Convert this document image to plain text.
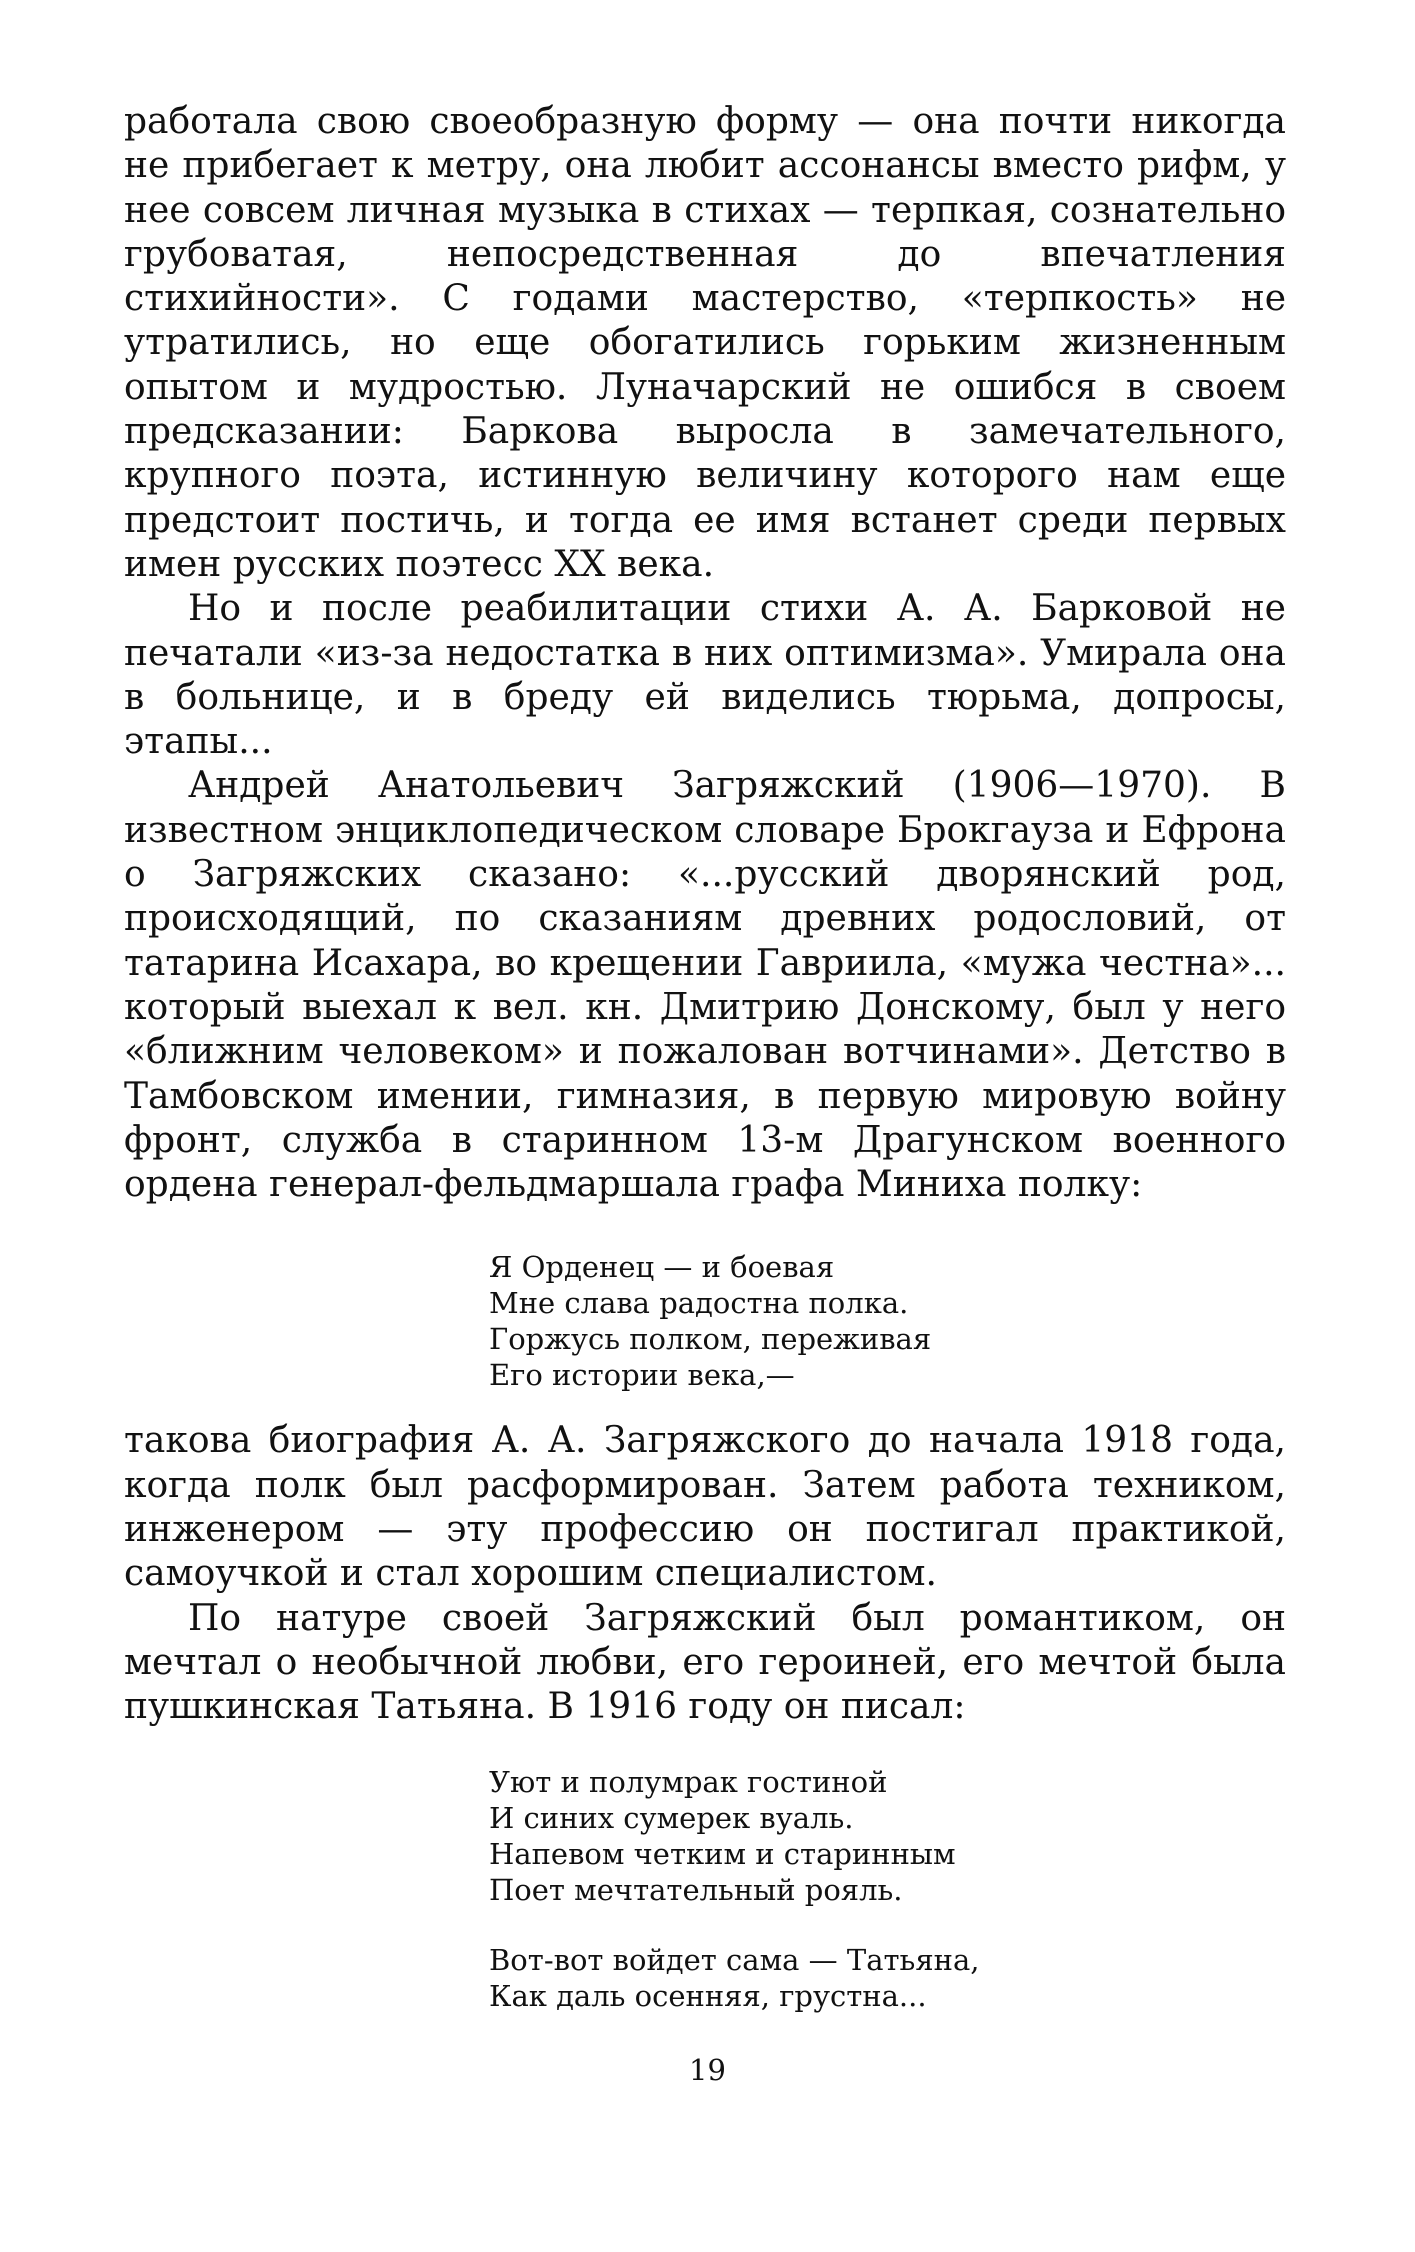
работала свою своеобразную форму — она почти никогда не прибегает к метру, она любит ассонансы вместо рифм, у нее совсем личная музыка в стихах — терпкая, сознательно грубоватая, непосредственная до впечатления стихийности». С годами мастерство, «терпкость» не утратились, но еще обогатились горьким жизненным опытом и мудростью. Луначарский не ошибся в своем предсказании: Баркова выросла в замечательного, крупного поэта, истинную величину которого нам еще предстоит постичь, и тогда ее имя встанет среди первых имен русских поэтесс XX века.

Но и после реабилитации стихи А. А. Барковой не печатали «из-за недостатка в них оптимизма». Умирала она в больнице, и в бреду ей виделись тюрьма, допросы, этапы...

Андрей Анатольевич Загряжский (1906—1970). В известном энциклопедическом словаре Брокгауза и Ефрона о Загряжских сказано: «...русский дворянский род, происходящий, по сказаниям древних родословий, от татарина Исахара, во крещении Гавриила, «мужа честна»... который выехал к вел. кн. Дмитрию Донскому, был у него «ближним человеком» и пожалован вотчинами». Детство в Тамбовском имении, гимназия, в первую мировую войну фронт, служба в старинном 13-м Драгунском военного ордена генерал-фельдмаршала графа Миниха полку:

Я Орденец — и боевая
Мне слава радостна полка.
Горжусь полком, переживая
Его истории века,—

такова биография А. А. Загряжского до начала 1918 года, когда полк был расформирован. Затем работа техником, инженером — эту профессию он постигал практикой, самоучкой и стал хорошим специалистом.

По натуре своей Загряжский был романтиком, он мечтал о необычной любви, его героиней, его мечтой была пушкинская Татьяна. В 1916 году он писал:

Уют и полумрак гостиной
И синих сумерек вуаль.
Напевом четким и старинным
Поет мечтательный рояль.
Вот-вот войдет сама — Татьяна,
Как даль осенняя, грустна...
19
